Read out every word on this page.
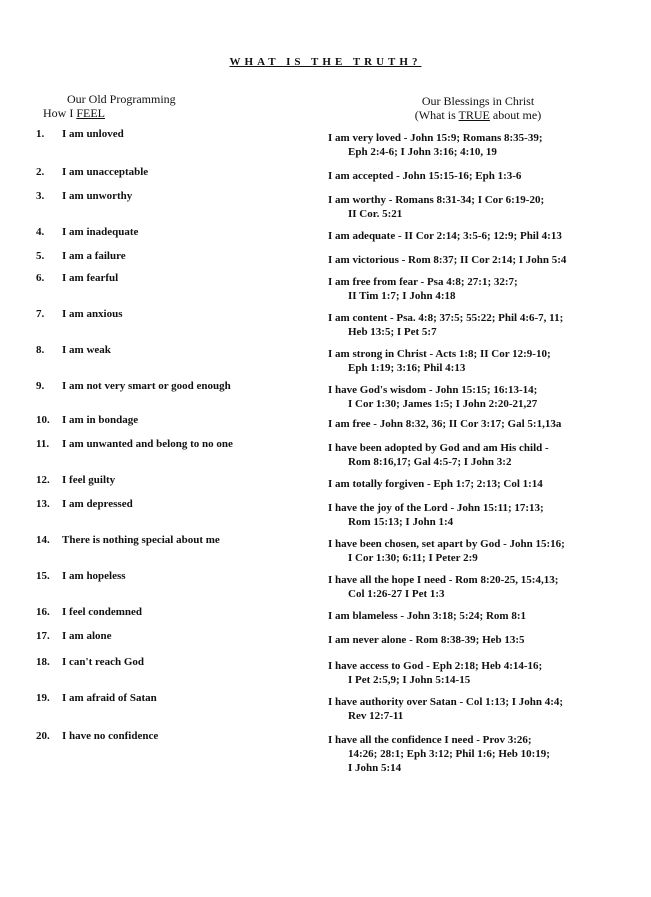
WHAT IS THE TRUTH?
Our Old Programming
How I FEEL
Our Blessings in Christ
(What is TRUE about me)
1. I am unloved	I am very loved - John 15:9; Romans 8:35-39;
Eph 2:4-6; I John 3:16; 4:10, 19
2. I am unacceptable	I am accepted - John 15:15-16; Eph 1:3-6
3. I am unworthy	I am worthy - Romans 8:31-34; I Cor 6:19-20;
II Cor. 5:21
4. I am inadequate	I am adequate - II Cor 2:14; 3:5-6; 12:9; Phil 4:13
5. I am a failure	I am victorious - Rom 8:37; II Cor 2:14; I John 5:4
6. I am fearful	I am free from fear - Psa 4:8; 27:1; 32:7;
II Tim 1:7; I John 4:18
7. I am anxious	I am content - Psa. 4:8; 37:5; 55:22; Phil 4:6-7, 11;
Heb 13:5; I Pet 5:7
8. I am weak	I am strong in Christ - Acts 1:8; II Cor 12:9-10;
Eph 1:19; 3:16; Phil 4:13
9. I am not very smart or good enough	I have God's wisdom - John 15:15; 16:13-14;
I Cor 1:30; James 1:5; I John 2:20-21,27
10. I am in bondage	I am free - John 8:32, 36; II Cor 3:17; Gal 5:1,13a
11. I am unwanted and belong to no one	I have been adopted by God and am His child -
Rom 8:16,17; Gal 4:5-7; I John 3:2
12. I feel guilty	I am totally forgiven - Eph 1:7; 2:13; Col 1:14
13. I am depressed	I have the joy of the Lord - John 15:11; 17:13;
Rom 15:13; I John 1:4
14. There is nothing special about me	I have been chosen, set apart by God - John 15:16;
I Cor 1:30; 6:11; I Peter 2:9
15. I am hopeless	I have all the hope I need - Rom 8:20-25, 15:4,13;
Col 1:26-27 I Pet 1:3
16. I feel condemned	I am blameless - John 3:18; 5:24; Rom 8:1
17. I am alone	I am never alone - Rom 8:38-39; Heb 13:5
18. I can't reach God	I have access to God - Eph 2:18; Heb 4:14-16;
I Pet 2:5,9; I John 5:14-15
19. I am afraid of Satan	I have authority over Satan - Col 1:13; I John 4:4;
Rev 12:7-11
20. I have no confidence	I have all the confidence I need - Prov 3:26;
14:26; 28:1; Eph 3:12; Phil 1:6; Heb 10:19;
I John 5:14
